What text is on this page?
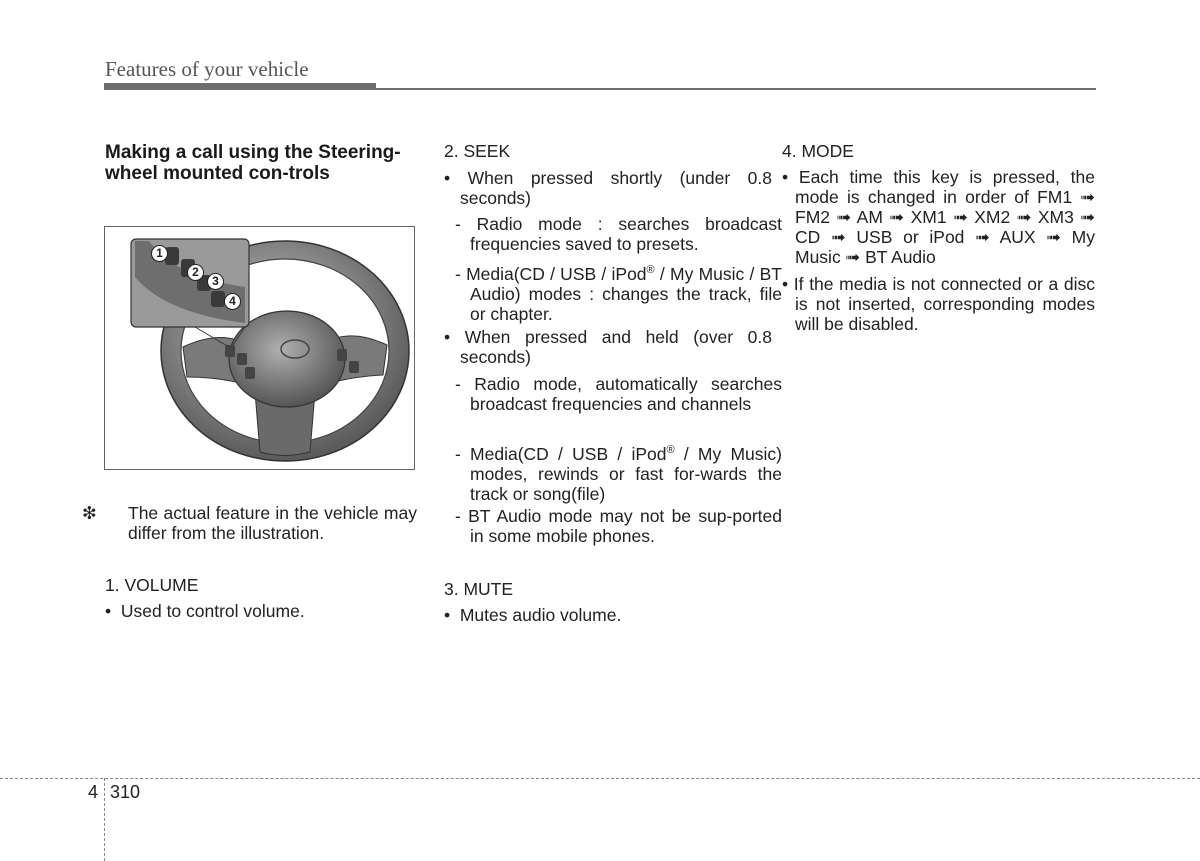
Features of your vehicle
Making a call using the Steering-wheel mounted con-trols
1
2
3
4
❇ The actual feature in the vehicle may differ from the illustration.
1. VOLUME
•  Used to control volume.
2. SEEK
• When pressed shortly (under 0.8 seconds)
- Radio mode : searches broadcast frequencies saved to presets.
- Media(CD / USB / iPod® / My Music / BT Audio) modes : changes the track, file or chapter.
• When pressed and held (over 0.8 seconds)
- Radio mode, automatically searches broadcast frequencies and channels
- Media(CD / USB / iPod® / My Music) modes, rewinds or fast for-wards the track or song(file)
- BT Audio mode may not be sup-ported in some mobile phones.
3. MUTE
•  Mutes audio volume.
4. MODE
• Each time this key is pressed, the mode is changed in order of FM1 ➟ FM2 ➟ AM ➟ XM1 ➟ XM2 ➟ XM3 ➟ CD ➟ USB or iPod ➟ AUX ➟ My Music ➟ BT Audio
• If the media is not connected or a disc is not inserted, corresponding modes will be disabled.
4 310
